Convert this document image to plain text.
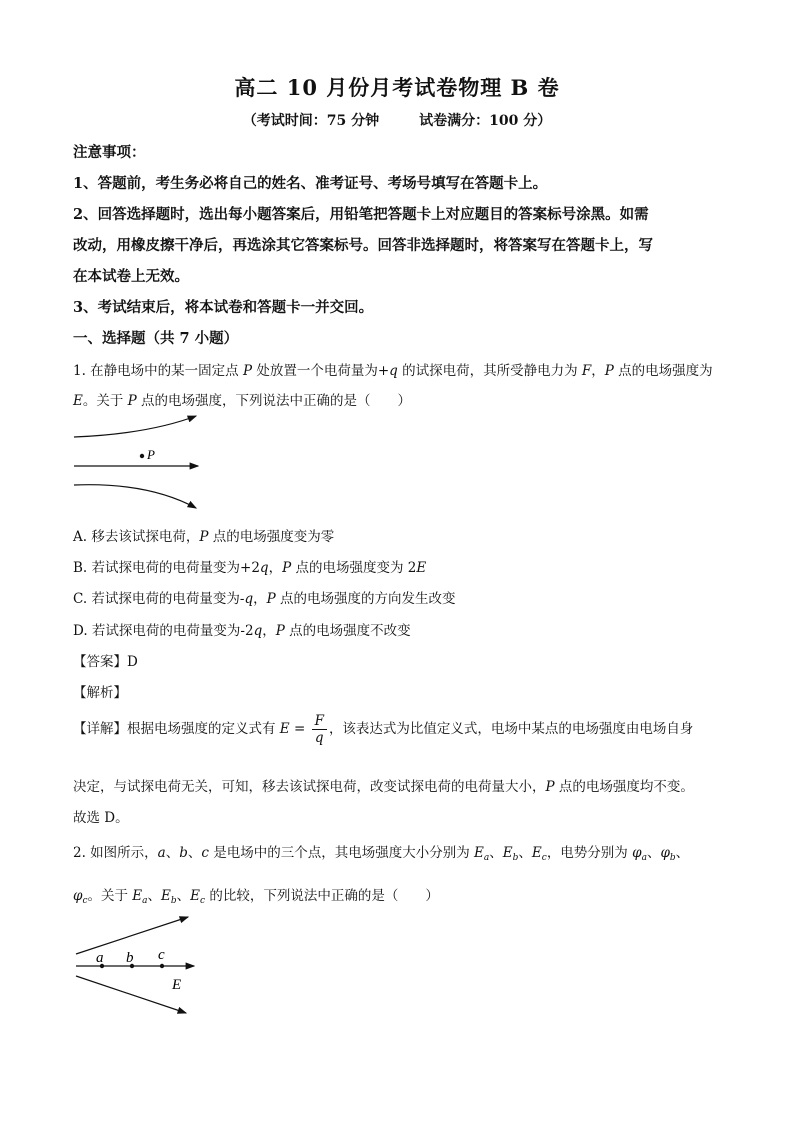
高二 10 月份月考试卷物理 B 卷
（考试时间：75 分钟	试卷满分：100 分）
注意事项：
1、答题前，考生务必将自己的姓名、准考证号、考场号填写在答题卡上。
2、回答选择题时，选出每小题答案后，用铅笔把答题卡上对应题目的答案标号涂黑。如需
改动，用橡皮擦干净后，再选涂其它答案标号。回答非选择题时，将答案写在答题卡上，写
在本试卷上无效。
3、考试结束后，将本试卷和答题卡一并交回。
一、选择题（共 7 小题）
1. 在静电场中的某一固定点 P 处放置一个电荷量为+q 的试探电荷，其所受静电力为 F，P 点的电场强度为
E。关于 P 点的电场强度，下列说法中正确的是（　　）
P
A. 移去该试探电荷，P 点的电场强度变为零
B. 若试探电荷的电荷量变为+2q，P 点的电场强度变为 2E
C. 若试探电荷的电荷量变为-q，P 点的电场强度的方向发生改变
D. 若试探电荷的电荷量变为-2q，P 点的电场强度不改变
【答案】D
【解析】
【详解】根据电场强度的定义式有 $E = \frac{F}{q}$ ，该表达式为比值定义式，电场中某点的电场强度由电场自身
决定，与试探电荷无关，可知，移去该试探电荷，改变试探电荷的电荷量大小，P 点的电场强度均不变。
故选 D。
2. 如图所示，a、b、c 是电场中的三个点，其电场强度大小分别为 $E_a$、$E_b$、$E_c$，电势分别为 $\varphi_a$、$\varphi_b$、
$\varphi_c$。关于 $E_a$、$E_b$、$E_c$ 的比较，下列说法中正确的是（　　）
a b c
E
